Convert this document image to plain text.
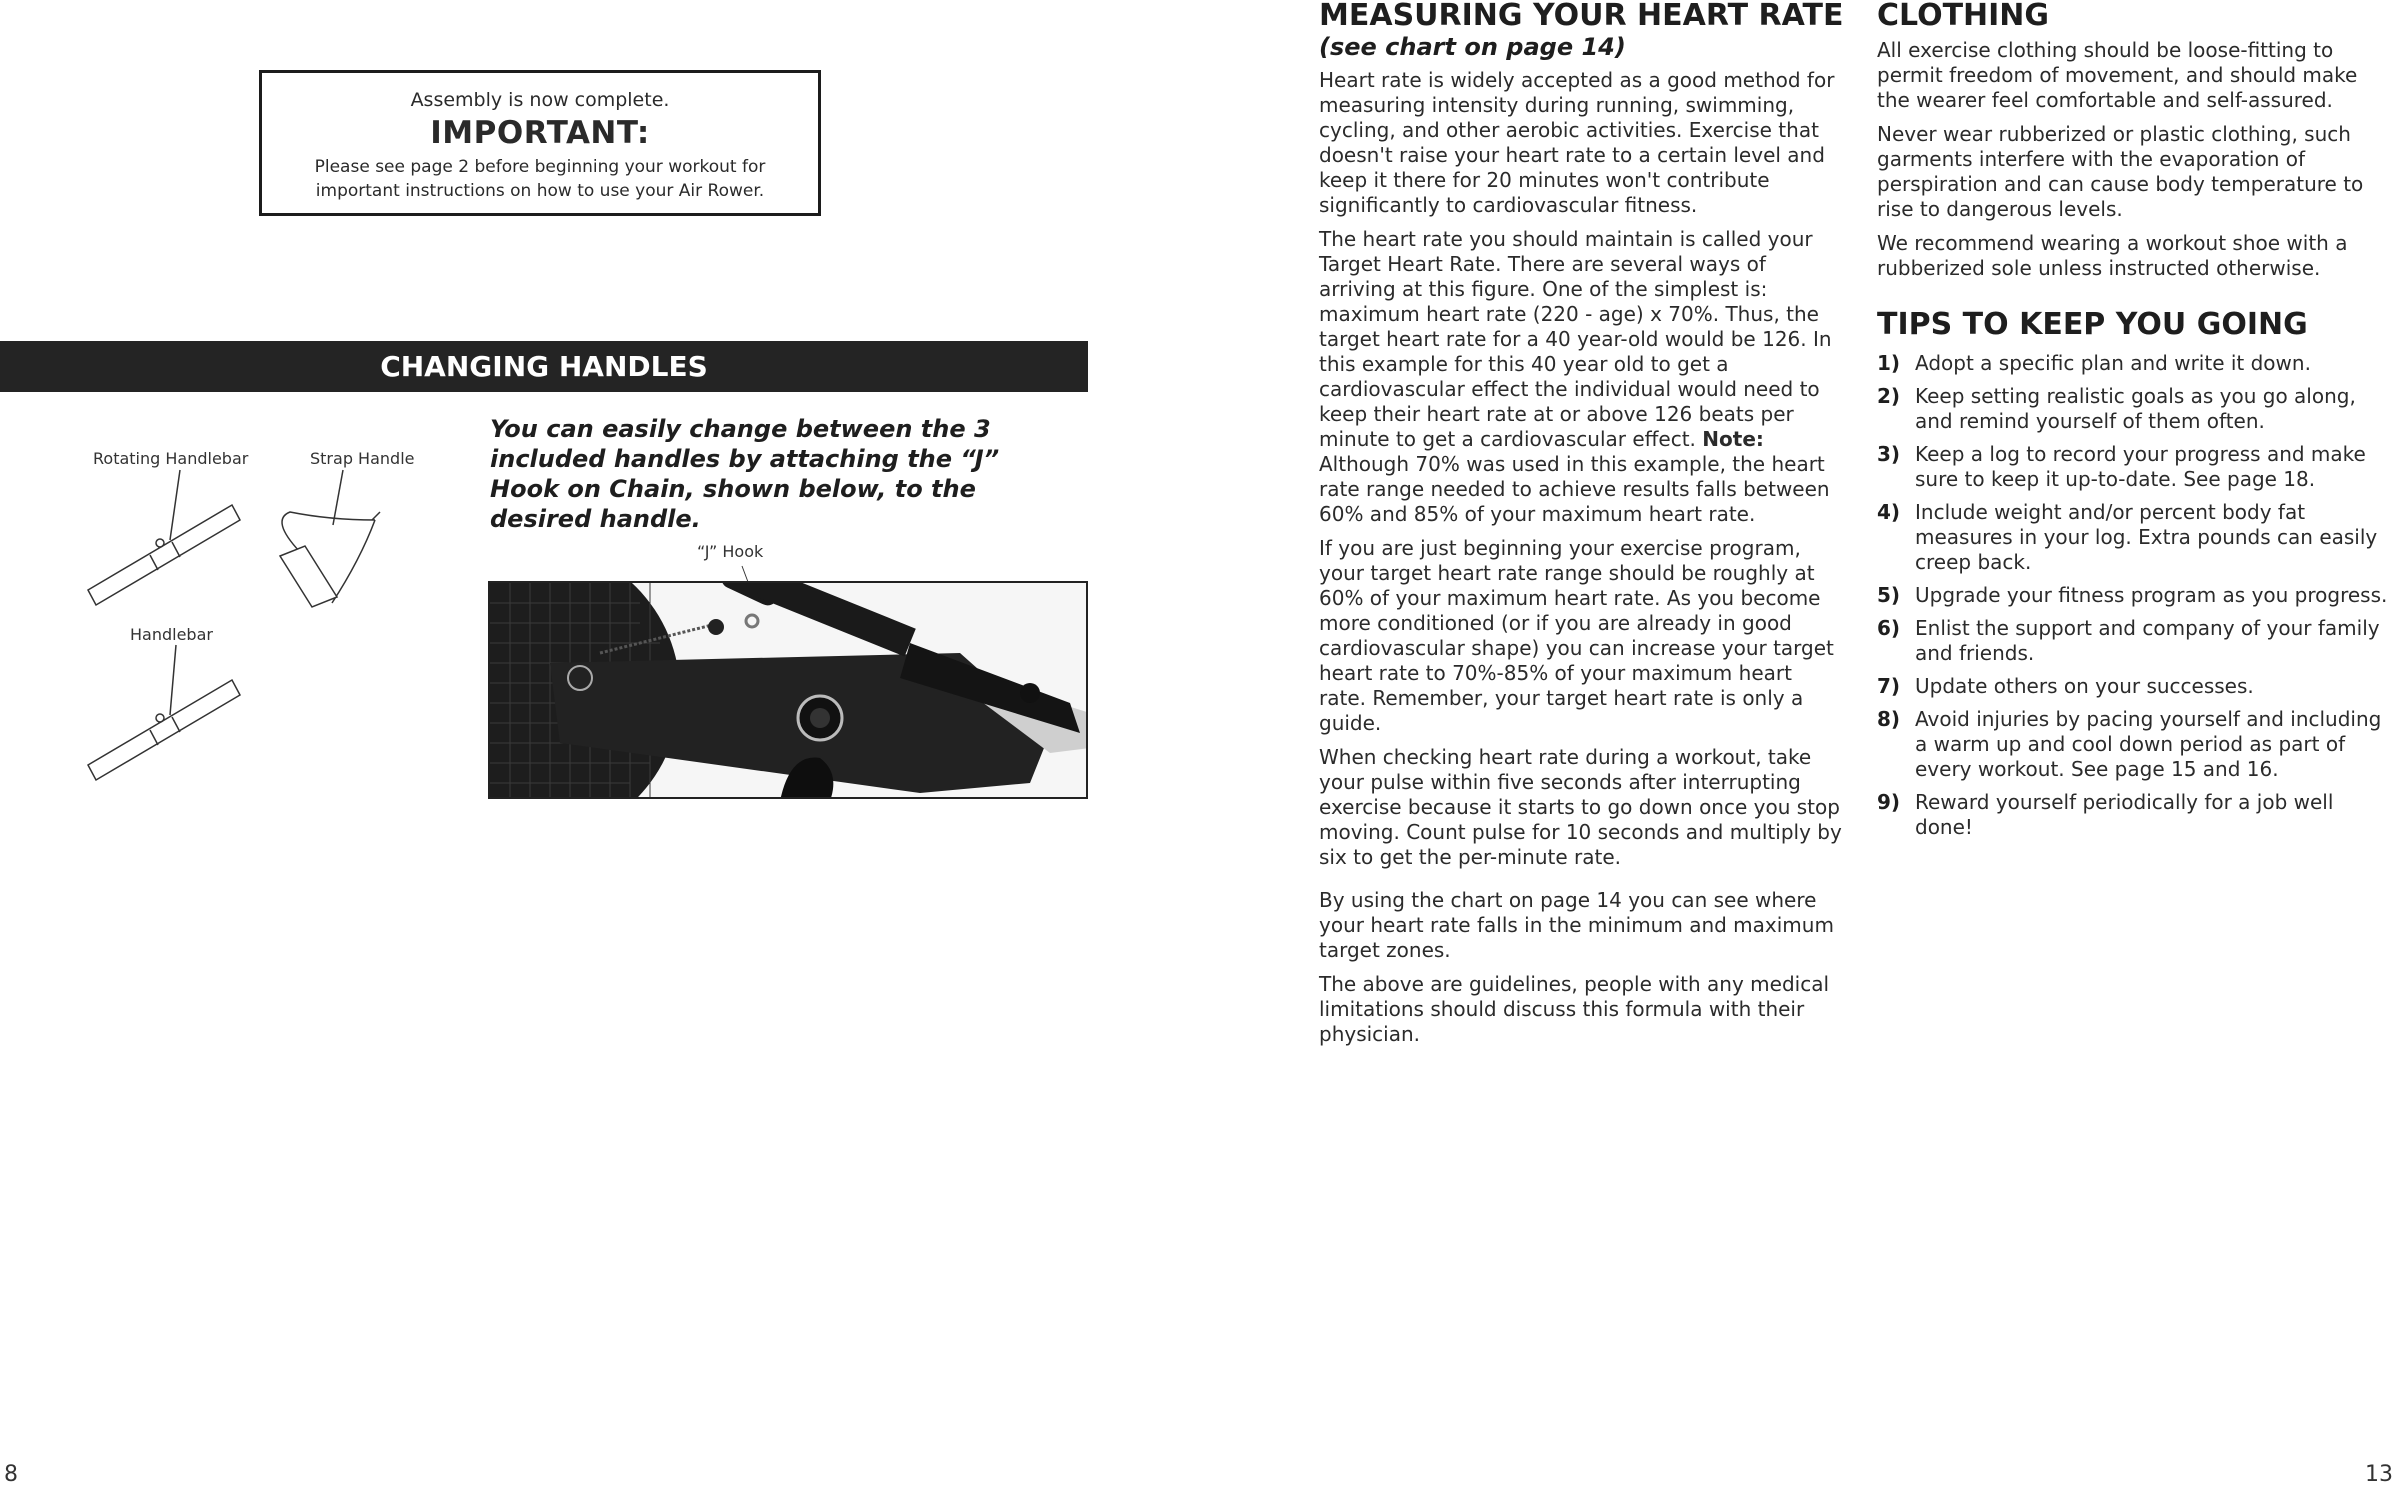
Assembly is now complete.
IMPORTANT:
Please see page 2 before beginning your workout for important instructions on how to use your Air Rower.
CHANGING HANDLES
Rotating Handlebar	Strap Handle
Handlebar
“J” Hook
You can easily change between the 3 included handles by attaching the “J” Hook on Chain, shown below, to the desired handle.
8
MEASURING YOUR HEART RATE
(see chart on page 14)

Heart rate is widely accepted as a good method for measuring intensity during running, swimming, cycling, and other aerobic activities. Exercise that doesn't raise your heart rate to a certain level and keep it there for 20 minutes won't contribute significantly to cardiovascular fitness.

The heart rate you should maintain is called your Target Heart Rate. There are several ways of arriving at this figure. One of the simplest is: maximum heart rate (220 - age) x 70%. Thus, the target heart rate for a 40 year-old would be 126. In this example for this 40 year old to get a cardiovascular effect the individual would need to keep their heart rate at or above 126 beats per minute to get a cardiovascular effect. Note: Although 70% was used in this example, the heart rate range needed to achieve results falls between 60% and 85% of your maximum heart rate.

If you are just beginning your exercise program, your target heart rate range should be roughly at 60% of your maximum heart rate. As you become more conditioned (or if you are already in good cardiovascular shape) you can increase your target heart rate to 70%-85% of your maximum heart rate. Remember, your target heart rate is only a guide.

When checking heart rate during a workout, take your pulse within five seconds after interrupting exercise because it starts to go down once you stop moving. Count pulse for 10 seconds and multiply by six to get the per-minute rate.

By using the chart on page 14 you can see where your heart rate falls in the minimum and maximum target zones.

The above are guidelines, people with any medical limitations should discuss this formula with their physician.

CLOTHING

All exercise clothing should be loose-fitting to permit freedom of movement, and should make the wearer feel comfortable and self-assured.

Never wear rubberized or plastic clothing, such garments interfere with the evaporation of perspiration and can cause body temperature to rise to dangerous levels.

We recommend wearing a workout shoe with a rubberized sole unless instructed otherwise.

TIPS TO KEEP YOU GOING
1) Adopt a specific plan and write it down.
2) Keep setting realistic goals as you go along, and remind yourself of them often.
3) Keep a log to record your progress and make sure to keep it up-to-date. See page 18.
4) Include weight and/or percent body fat measures in your log. Extra pounds can easily creep back.
5) Upgrade your fitness program as you progress.
6) Enlist the support and company of your family and friends.
7) Update others on your successes.
8) Avoid injuries by pacing yourself and including a warm up and cool down period as part of every workout. See page 15 and 16.
9) Reward yourself periodically for a job well done!
13
